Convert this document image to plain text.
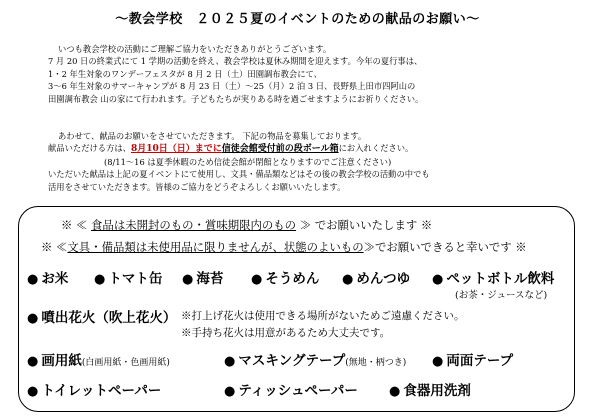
～教会学校　２０２５夏のイベントのための献品のお願い～
いつも教会学校の活動にご理解ご協力をいただきありがとうございます。
7 月 20 日の終業式にて 1 学期の活動を終え、教会学校は夏休み期間を迎えます。今年の夏行事は、
1・2 年生対象のワンデーフェスタが 8 月 2 日（土）田園調布教会にて、
3～6 年生対象のサマーキャンプが 8 月 23 日（土）～25（月）2 泊 3 日、長野県上田市四阿山の
田園調布教会 山の家にて行われます。子どもたちが実りある時を過ごせますようにお祈りください。
あわせて、献品のお願いをさせていただきます。 下記の物品を募集しております。
献品いただける方は、8月10日（日）までに信徒会館受付前の段ボール箱にお入れください。
(8/11～16 は夏季休暇のため信徒会館が閉館となりますのでご注意ください)
いただいた献品は上記の夏イベントにて使用し、文具・備品類などはその後の教会学校の活動の中でも
活用をさせていただきます。皆様のご協力をどうぞよろしくお願いいたします。
※ ≪ 食品は未開封のもの・賞味期限内のもの ≫ でお願いいたします ※
※ ≪文具・備品類は未使用品に限りませんが、状態のよいもの≫でお願いできると幸いです ※
● お米 ● トマト缶 ● 海苔 ● そうめん ● めんつゆ ● ペットボトル飲料
(お茶・ジュースなど)
● 噴出花火（吹上花火） ※打上げ花火は使用できる場所がないためご遠慮ください。
※手持ち花火は用意があるため大丈夫です。
● 画用紙(白画用紙・色画用紙)	● マスキングテープ(無地・柄つき) ● 両面テープ
● トイレットペーパー	● ティッシュペーパー ● 食器用洗剤
